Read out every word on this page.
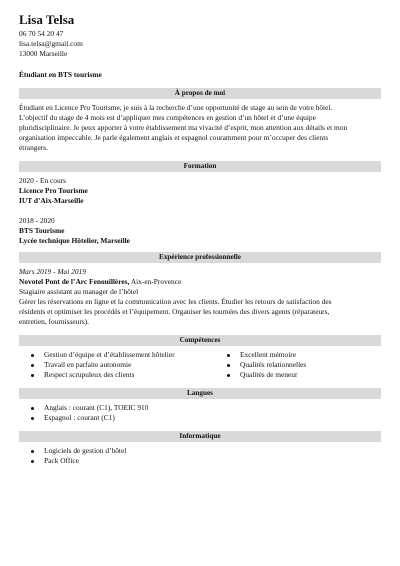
Lisa Telsa
06 70 54 20 47
lisa.telsa@gmail.com
13000 Marseille
Étudiant en BTS tourisme
À propos de moi
Étudiant en Licence Pro Tourisme, je suis à la recherche d’une opportunité de stage au sein de votre hôtel.
L’objectif du stage de 4 mois est d’appliquer mes compétences en gestion d’un hôtel et d’une équipe
pluridisciplinaire. Je peux apporter à votre établissement ma vivacité d’esprit, mon attention aux détails et mon
organisation impeccable. Je parle également anglais et espagnol couramment pour m’occuper des clients
étrangers.
Formation
2020 - En cours
Licence Pro Tourisme
IUT d’Aix-Marseille
2018 - 2020
BTS Tourisme
Lycée technique Hôtelier, Marseille
Expérience professionnelle
Mars 2019 - Mai 2019
Novotel Pont de l’Arc Fenouillères, Aix-en-Provence
Stagiaire assistant au manager de l’hôtel
Gérer les réservations en ligne et la communication avec les clients. Étudier les retours de satisfaction des
résidents et optimiser les procédés et l’équipement. Organiser les tournées des divers agents (réparateurs,
entretien, fournisseurs).
Compétences
Gestion d’équipe et d’établissement hôtelier
Travail en parfaite autonomie
Respect scrupuleux des clients
Excellent mémoire
Qualités relationnelles
Qualités de meneur
Langues
Anglais : courant (C1), TOEIC 910
Espagnol : courant (C1)
Informatique
Logiciels de gestion d’hôtel
Pack Office
